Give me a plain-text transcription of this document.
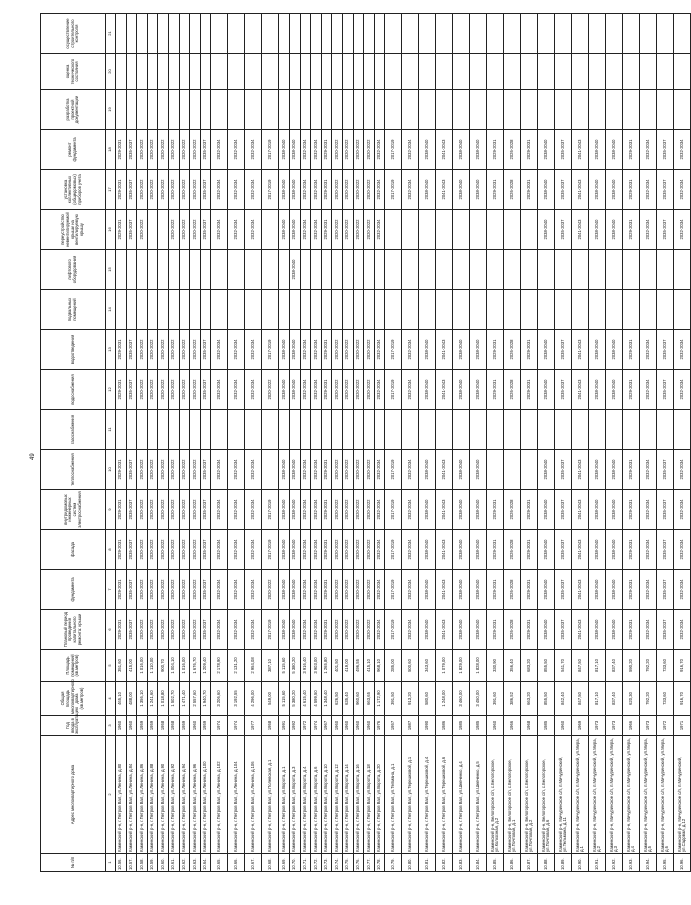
49
№ п/п	Адрес многоквартирного дома	Год ввода в эксплуатацию	Общая площадь многоквартирного дома (кв.метров)	Площадь помещений (кв.метров)	Плановый период проведения капитального ремонта: крыши	фундамента	фасада	внутридомовых инженерных систем электроснабжения	теплоснабжения	газоснабжения	водоснабжения	водоотведения	подвальных помещений	лифтового оборудования	переустройство невентилируемой крыши на вентилируемую крышу	установка коллективных (общедомовых) приборов учета	ремонт фундамента	разработка проектной документации	оценка технического состояния	осуществление строительного контроля
1	2	3	4	5	6	7	8	9	10	11	12	13	14	15	16	17	18	19	20	21
10.56.	Каменский р-н, г.Петров Вал, ул.Ленина, д.80	1960	465,10	351,60	2029-2031	2029-2031	2029-2031	2029-2031	2029-2031		2029-2031	2029-2031			2029-2031	2029-2031	2029-2031			
10.57.	Каменский р-н, г.Петров Вал, ул.Ленина, д.84	1960	488,00	415,00	2035-2037	2035-2037	2035-2037	2035-2037	2035-2037		2035-2037	2035-2037			2035-2037	2035-2037	2035-2037			
10.58.	Каменский р-н, г.Петров Вал, ул.Ленина, д.86	1959	1 356,10	1 016,00	2020-2022	2020-2022	2020-2022	2020-2022	2020-2022		2020-2022	2020-2022			2020-2022	2020-2022	2020-2022			
10.59.	Каменский р-н, г.Петров Вал, ул.Ленина, д.88	1959	1 241,60	1 110,00	2020-2022	2020-2022	2020-2022	2020-2022	2020-2022		2020-2022	2020-2022				2020-2022	2020-2022			
10.60.	Каменский р-н, г.Петров Вал, ул.Ленина, д.90	1958	1 018,80	900,70	2020-2022	2020-2022	2020-2022	2020-2022	2020-2022		2020-2022	2020-2022				2020-2022	2020-2022			
10.61.	Каменский р-н, г.Петров Вал, ул.Ленина, д.92	1958	1 502,70	1 004,10	2020-2022	2020-2022	2020-2022	2020-2022	2020-2022		2020-2022	2020-2022			2020-2022	2020-2022	2020-2022			
10.62.	Каменский р-н, г.Петров Вал, ул.Ленина, д.94	1959	1 471,40	1 016,00	2020-2022	2020-2022	2020-2022	2020-2022	2020-2022		2020-2022	2020-2022			2020-2022	2020-2022	2020-2022			
10.63.	Каменский р-н, г.Петров Вал, ул.Ленина, д.96	1960	2 557,60	1 676,70	2020-2022	2020-2022	2020-2022	2020-2022	2020-2022		2020-2022	2020-2022			2020-2022	2020-2022	2020-2022			
10.64.	Каменский р-н, г.Петров Вал, ул.Ленина, д.100	1959	1 940,70	1 209,40	2035-2037	2035-2037	2035-2037	2035-2037	2035-2037		2035-2037	2035-2037			2035-2037	2035-2037	2035-2037			
10.65.	Каменский р-н, г.Петров Вал, ул.Ленина, д.102	1974	3 206,60	2 178,90	2032-2034	2032-2034	2032-2034	2032-2034	2032-2034		2032-2034	2032-2034			2032-2034	2032-2034	2032-2034			
10.66.	Каменский р-н, г.Петров Вал, ул.Ленина, д.104	1974	3 192,55	2 131,20	2032-2034	2032-2034	2032-2034	2032-2034	2032-2034		2032-2034	2032-2034			2032-2034	2032-2034	2032-2034			
10.67.	Каменский р-н, г.Петров Вал, ул.Ленина, д.106	1977	4 296,00	2 954,08	2032-2034	2032-2034	2032-2034	2032-2034	2032-2034		2032-2034	2032-2034			2032-2034	2032-2034	2032-2034			
10.68.	Каменский р-н, г.Петров Вал, ул.Полевская, д.1	1958	549,00	387,10	2017-2019	2020-2022	2017-2019	2017-2019			2020-2022	2017-2019				2017-2019	2017-2019			
10.69.	Каменский р-н, г.Петров Вал, ул.Ворота, д.1	1991	5 115,60	5 115,60	2038-2040	2038-2040	2038-2040	2038-2040	2038-2040		2038-2040	2038-2040			2038-2040	2038-2040	2038-2040			
10.70.	Каменский р-н, г.Петров Вал, ул.Ворота, д.3	1992	5 380,20	5 380,20	2038-2040	2038-2040	2038-2040	2038-2040	2038-2040		2038-2040	2038-2040		2038-2040	2038-2040	2038-2040	2038-2040			
10.71.	Каменский р-н, г.Петров Вал, ул.Ворота, д.4	1972	4 615,40	3 916,40	2032-2034	2032-2034	2032-2034	2032-2034	2032-2034		2032-2034	2032-2034			2032-2034	2032-2034	2032-2034			
10.72.	Каменский р-н, г.Петров Вал, ул.Ворота, д.6	1974	4 599,50	3 903,00	2032-2034	2032-2034	2032-2034	2032-2034	2032-2034		2032-2034	2032-2034			2032-2034	2032-2034	2032-2034			
10.73.	Каменский р-н, г.Петров Вал, ул.Ворота, д.10	1967	1 348,40	1 265,80	2029-2031	2029-2031	2029-2031	2029-2031	2029-2031		2029-2031	2029-2031			2029-2031	2029-2031	2029-2031			
10.74.	Каменский р-н, г.Петров Вал, ул.Ворота, д.12	1960	626,50	401,50	2020-2022	2020-2022	2020-2022	2020-2022	2020-2022		2020-2022	2020-2022			2020-2022	2020-2022	2020-2022			
10.75.	Каменский р-н, г.Петров Вал, ул.Ворота, д.14	1960	635,40	419,00	2020-2022	2020-2022	2020-2022	2020-2022	2020-2022		2020-2022	2020-2022			2020-2022	2020-2022	2020-2022			
10.76.	Каменский р-н, г.Петров Вал, ул.Ворота, д.16	1960	960,60	496,55	2020-2022	2020-2022	2020-2022	2020-2022	2020-2022		2020-2022	2020-2022			2020-2022	2020-2022	2020-2022			
10.77.	Каменский р-н, г.Петров Вал, ул.Ворота, д.18	1960	663,65	415,10	2020-2022	2020-2022	2020-2022	2020-2022	2020-2022		2020-2022	2020-2022			2020-2022	2020-2022	2020-2022			
10.78.	Каменский р-н, г.Петров Вал, ул.Ворота, д.20	1976	1 172,90	968,10	2032-2034	2032-2034	2032-2034	2032-2034	2032-2034		2032-2034	2032-2034			2032-2034	2032-2034	2032-2034			
10.79.	Каменский р-н, г.Петров Вал, ул.Телмана, д.1	1957	391,50	285,00	2017-2019	2017-2019	2017-2019	2017-2019	2017-2019		2017-2019	2017-2019				2017-2019	2017-2019			
10.80.	Каменский р-н, г.Петров Вал, ул.Терешковой, д.1	1987	913,20	500,60	2032-2034	2032-2034	2032-2034	2032-2034	2032-2034		2032-2034	2032-2034				2032-2034	2032-2034			
10.81.	Каменский р-н, г.Петров Вал, ул.Терешковой, д.4	1990	580,60	343,60	2038-2040	2038-2040	2038-2040	2038-2040	2038-2040		2038-2040	2038-2040				2038-2040	2038-2040			
10.82.	Каменский р-н, г.Петров Вал, ул.Терешковой, д.6	1986	1 248,00	1 079,00	2041-2043	2041-2043	2041-2043	2041-2043	2041-2043		2041-2043	2041-2043				2041-2043	2041-2043			
10.83.	Каменский р-н, г.Петров Вал, ул.Шевченко, д.4	1985	3 460,00	1 829,00	2038-2040	2038-2040	2038-2040	2038-2040	2038-2040		2038-2040	2038-2040				2038-2040	2038-2040			
10.84.	Каменский р-н, г.Петров Вал, ул.Шевченко, д.5	1985	3 450,00	1 828,00	2038-2040	2038-2040	2038-2040	2038-2040	2038-2040		2038-2040	2038-2040				2038-2040	2038-2040			
10.85.	Каменский р-н, Белогорское с/п, с.Белогорское, ул.Колхозная, д.2	1960	391,60	330,90	2029-2031	2029-2031	2029-2031	2029-2031			2029-2031	2029-2031				2029-2031	2029-2031			
10.86.	Каменский р-н, Белогорское с/п, с.Белогорское, ул.Почтовая, д.1	1966	386,52	356,40	2026-2028	2026-2028	2026-2028	2026-2028			2026-2028	2026-2028				2026-2028	2026-2028			
10.87.	Каменский р-н, Белогорское с/п, с.Белогорское, ул.Почтовая, д.2	1968	663,20	683,20	2029-2031	2029-2031	2029-2031	2029-2031			2029-2031	2029-2031				2029-2031	2029-2031			
10.88.	Каменский р-н, Белогорское с/п, с.Белогорское, ул.Почтовая, д.6	1985	855,50	855,50	2038-2040	2038-2040	2038-2040	2038-2040	2038-2040		2038-2040	2038-2040			2038-2040	2038-2040	2038-2040			
10.89.	Каменский р-н, Мичуринское с/п, п.Мичуринский, ул.Тельмана, д.11	1960	842,40	541,70	2035-2037	2035-2037	2035-2037	2035-2037	2035-2037		2035-2037	2035-2037			2035-2037	2035-2037	2035-2037			
10.90.	Каменский р-н, Мичуринское с/п, п.Мичуринский, ул.Мира, д.1	1969	847,50	847,50	2041-2043	2041-2043	2041-2043	2041-2043	2041-2043		2041-2043	2041-2043			2041-2043	2041-2043	2041-2043			
10.91.	Каменский р-н, Мичуринское с/п, п.Мичуринский, ул.Мира, д.2	1973	817,10	817,10	2038-2040	2038-2040	2038-2040	2038-2040	2038-2040		2038-2040	2038-2040			2038-2040	2038-2040	2038-2040			
10.92.	Каменский р-н, Мичуринское с/п, п.Мичуринский, ул.Мира, д.3	1973	837,40	837,40	2038-2040	2038-2040	2038-2040	2038-2040	2038-2040		2038-2040	2038-2040			2038-2040	2038-2040	2038-2040			
10.93.	Каменский р-н, Мичуринское с/п, п.Мичуринский, ул.Мира, д.4	1966	620,30	590,20	2029-2031	2029-2031	2029-2031	2029-2031	2029-2031		2029-2031	2029-2031			2029-2031	2029-2031	2029-2031			
10.94.	Каменский р-н, Мичуринское с/п, п.Мичуринский, ул.Мира, д.5	1973	792,20	792,20	2032-2034	2032-2034	2032-2034	2032-2034	2032-2034		2032-2034	2032-2034			2032-2034	2032-2034	2032-2034			
10.95.	Каменский р-н, Мичуринское с/п, п.Мичуринский, ул.Мира, д.6	1972	733,60	733,60	2035-2037	2035-2037	2035-2037	2035-2037	2035-2037		2035-2037	2035-2037			2035-2037	2035-2037	2035-2037			
10.96.	Каменский р-н, Мичуринское с/п, п.Мичуринский, ул.Садовая, д.12	1971	916,70	916,70	2032-2034	2032-2034	2032-2034	2032-2034	2032-2034		2032-2034	2032-2034			2032-2034	2032-2034	2032-2034			
